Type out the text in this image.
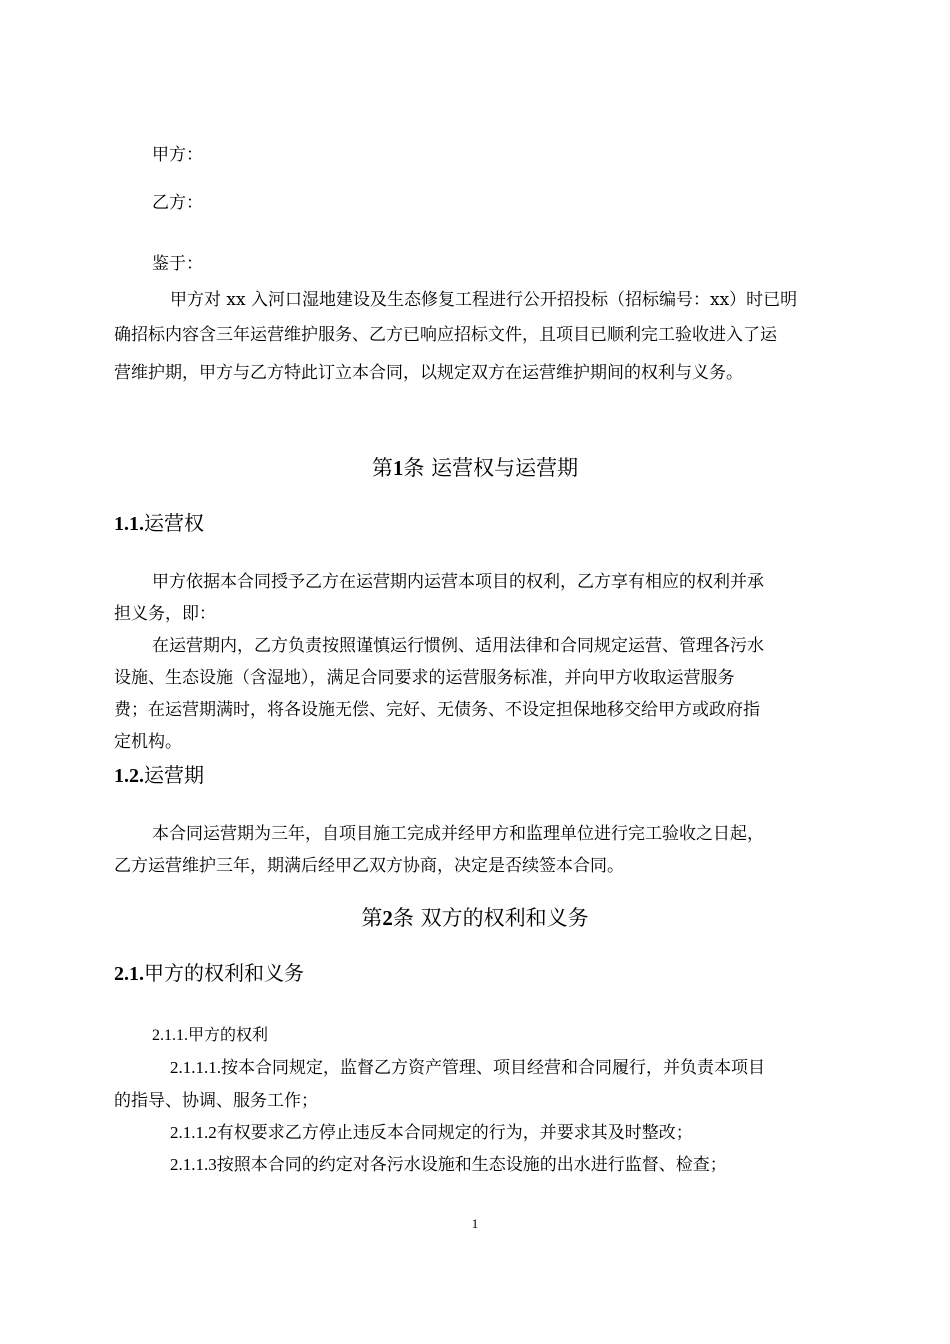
甲方：
乙方：
鉴于：
甲方对 xx 入河口湿地建设及生态修复工程进行公开招投标（招标编号：xx）时已明
确招标内容含三年运营维护服务、乙方已响应招标文件，且项目已顺利完工验收进入了运
营维护期，甲方与乙方特此订立本合同，以规定双方在运营维护期间的权利与义务。
第1条 运营权与运营期
1.1.运营权
甲方依据本合同授予乙方在运营期内运营本项目的权利，乙方享有相应的权利并承
担义务，即：
在运营期内，乙方负责按照谨慎运行惯例、适用法律和合同规定运营、管理各污水
设施、生态设施（含湿地），满足合同要求的运营服务标准，并向甲方收取运营服务
费；在运营期满时，将各设施无偿、完好、无债务、不设定担保地移交给甲方或政府指
定机构。
1.2.运营期
本合同运营期为三年，自项目施工完成并经甲方和监理单位进行完工验收之日起，
乙方运营维护三年，期满后经甲乙双方协商，决定是否续签本合同。
第2条 双方的权利和义务
2.1.甲方的权利和义务
2.1.1.甲方的权利
2.1.1.1.按本合同规定，监督乙方资产管理、项目经营和合同履行，并负责本项目
的指导、协调、服务工作；
2.1.1.2有权要求乙方停止违反本合同规定的行为，并要求其及时整改；
2.1.1.3按照本合同的约定对各污水设施和生态设施的出水进行监督、检查；
1
